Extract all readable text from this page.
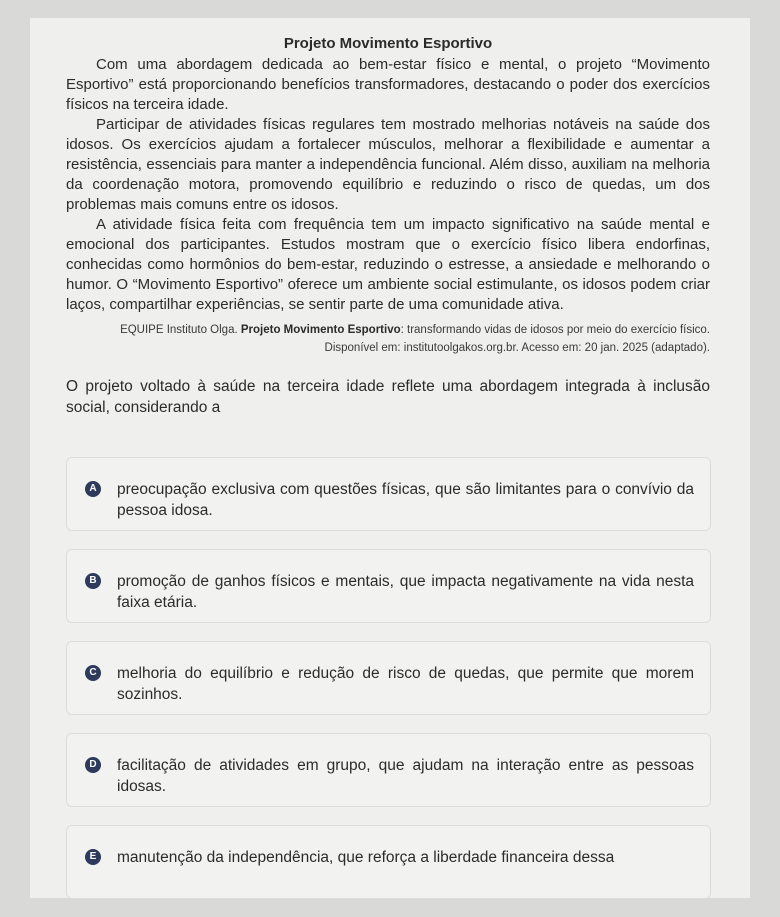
Projeto Movimento Esportivo

Com uma abordagem dedicada ao bem-estar físico e mental, o projeto “Movimento Esportivo” está proporcionando benefícios transformadores, destacando o poder dos exercícios físicos na terceira idade.

Participar de atividades físicas regulares tem mostrado melhorias notáveis na saúde dos idosos. Os exercícios ajudam a fortalecer músculos, melhorar a flexibilidade e aumentar a resistência, essenciais para manter a independência funcional. Além disso, auxiliam na melhoria da coordenação motora, promovendo equilíbrio e reduzindo o risco de quedas, um dos problemas mais comuns entre os idosos.

A atividade física feita com frequência tem um impacto significativo na saúde mental e emocional dos participantes. Estudos mostram que o exercício físico libera endorfinas, conhecidas como hormônios do bem-estar, reduzindo o estresse, a ansiedade e melhorando o humor. O “Movimento Esportivo” oferece um ambiente social estimulante, os idosos podem criar laços, compartilhar experiências, se sentir parte de uma comunidade ativa.

EQUIPE Instituto Olga. Projeto Movimento Esportivo: transformando vidas de idosos por meio do exercício físico.
Disponível em: institutoolgakos.org.br. Acesso em: 20 jan. 2025 (adaptado).
O projeto voltado à saúde na terceira idade reflete uma abordagem integrada à inclusão social, considerando a
A preocupação exclusiva com questões físicas, que são limitantes para o convívio da pessoa idosa.
B promoção de ganhos físicos e mentais, que impacta negativamente na vida nesta faixa etária.
C melhoria do equilíbrio e redução de risco de quedas, que permite que morem sozinhos.
D facilitação de atividades em grupo, que ajudam na interação entre as pessoas idosas.
E	manutenção da independência, que reforça a liberdade financeira dessa
